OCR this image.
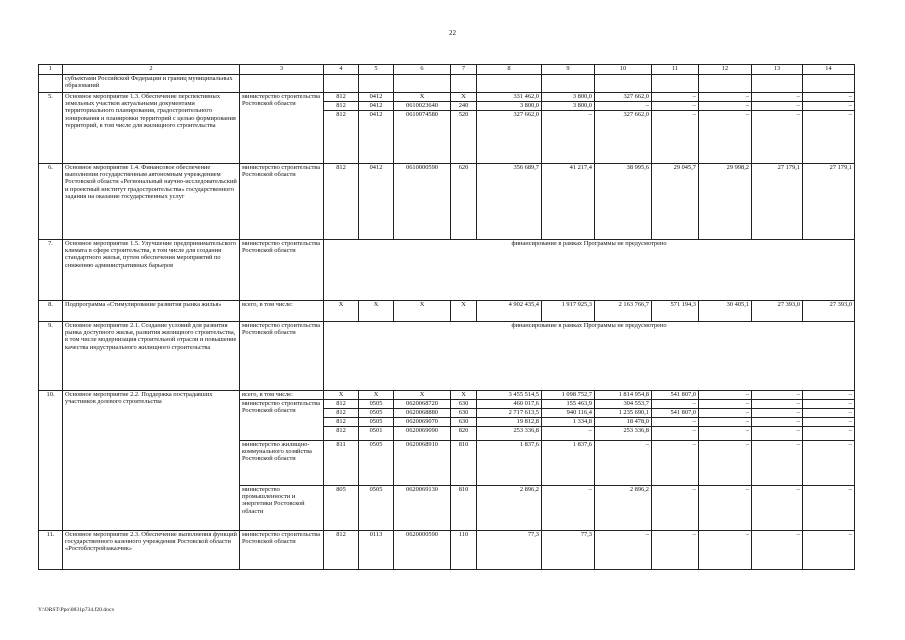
22
1	2	3	4	5	6	7	8	9	10	11	12	13	14
	субъектами Российской Федерации и границ муниципальных образований												
5.	Основное мероприятие 1.3. Обеспечение перспективных земельных участков актуальными документами территориального планирования, градостроительного зонирования и планировки территорий с целью формирования территорий, в том числе для жилищного строительства	министерство строительства Ростовской области	812	0412	Х	Х	331 462,0	3 800,0	327 662,0	–	–	–	–
			812	0412	0610023640	240	3 800,0	3 800,0	–	–	–	–	–
			812	0412	0610074580	520	327 662,0	–	327 662,0	–	–	–	–
6.	Основное мероприятие 1.4. Финансовое обеспечение выполнения государственным автономным учреждением Ростовской области «Региональный научно-исследовательский и проектный институт градостроительства» государственного задания на оказание государственных услуг	министерство строительства Ростовской области	812	0412	0610000590	620	356 689,7	41 217,4	38 995,6	29 045,7	29 998,2	27 179,1	27 179,1
7.	Основное мероприятие 1.5. Улучшение предпринимательского климата в сфере строительства, в том числе для создания стандартного жилья, путем обеспечения мероприятий по снижению административных барьеров	министерство строительства Ростовской области	финансирование в рамках Программы не предусмотрено										
8.	Подпрограмма «Стимулирование развития рынка жилья»	всего, в том числе:	Х	Х	Х	Х	4 902 435,4	1 917 925,3	2 163 766,7	571 194,3	30 405,1	27 393,0	27 393,0
9.	Основное мероприятие 2.1. Создание условий для развития рынка доступного жилья, развития жилищного строительства, в том числе модернизация строительной отрасли и повышение качества индустриального жилищного строительства	министерство строительства Ростовской области	финансирование в рамках Программы не предусмотрено										
10.	Основное мероприятие 2.2. Поддержка пострадавших участников долевого строительства	всего, в том числе:	Х	Х	Х	Х	3 455 514,5	1 098 752,7	1 814 954,8	541 807,0	–	–	–
		министерство строительства Ростовской области	812	0505	0620068720	630	460 017,6	155 463,9	304 553,7	–	–	–	–
			812	0505	0620068880	630	2 717 613,5	940 116,4	1 235 690,1	541 807,0	–	–	–
			812	0505	0620069070	630	19 812,8	1 334,8	18 478,0	–	–	–	–
			812	0501	0620069090	820	253 336,8	–	253 336,8	–	–	–	–
		министерство жилищно-коммунального хозяйства Ростовской области	811	0505	0620068910	810	1 837,6	1 837,6	–	–	–	–	–
		министерство промышленности и энергетики Ростовской области	805	0505	0620069130	810	2 896,2	–	2 896,2	–	–	–	–
11.	Основное мероприятие 2.3. Обеспечение выполнения функций государственного казенного учреждения Ростовской области «Ростоблстройзаказчик»	министерство строительства Ростовской области	812	0113	0620000590	110	77,3	77,3	–	–	–	–	–
Y:\ORST\Ppo\0831p734.f20.docx
